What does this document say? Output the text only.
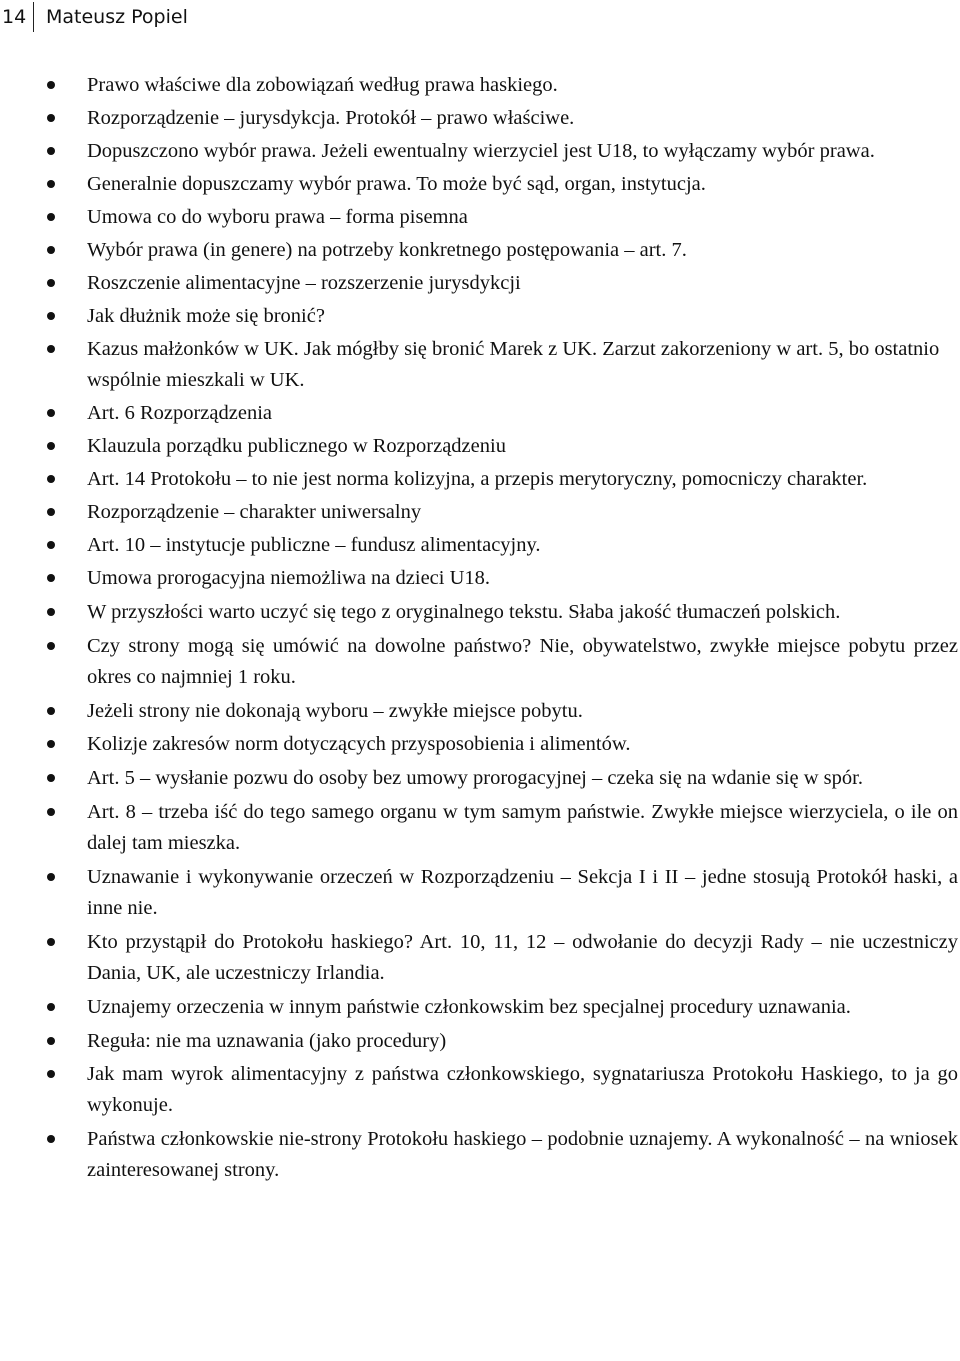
14	Mateusz Popiel
Prawo właściwe dla zobowiązań według prawa haskiego.
Rozporządzenie – jurysdykcja. Protokół – prawo właściwe.
Dopuszczono wybór prawa. Jeżeli ewentualny wierzyciel jest U18, to wyłączamy wybór prawa.
Generalnie dopuszczamy wybór prawa. To może być sąd, organ, instytucja.
Umowa co do wyboru prawa – forma pisemna
Wybór prawa (in genere) na potrzeby konkretnego postępowania – art. 7.
Roszczenie alimentacyjne – rozszerzenie jurysdykcji
Jak dłużnik może się bronić?
Kazus małżonków w UK. Jak mógłby się bronić Marek z UK. Zarzut zakorzeniony w art. 5, bo ostatnio wspólnie mieszkali w UK.
Art. 6 Rozporządzenia
Klauzula porządku publicznego w Rozporządzeniu
Art. 14 Protokołu – to nie jest norma kolizyjna, a przepis merytoryczny, pomocniczy charakter.
Rozporządzenie – charakter uniwersalny
Art. 10 – instytucje publiczne – fundusz alimentacyjny.
Umowa prorogacyjna niemożliwa na dzieci U18.
W przyszłości warto uczyć się tego z oryginalnego tekstu. Słaba jakość tłumaczeń polskich.
Czy strony mogą się umówić na dowolne państwo? Nie, obywatelstwo, zwykłe miejsce pobytu przez okres co najmniej 1 roku.
Jeżeli strony nie dokonają wyboru – zwykłe miejsce pobytu.
Kolizje zakresów norm dotyczących przysposobienia i alimentów.
Art. 5 – wysłanie pozwu do osoby bez umowy prorogacyjnej – czeka się na wdanie się w spór.
Art. 8 – trzeba iść do tego samego organu w tym samym państwie. Zwykłe miejsce wierzyciela, o ile on dalej tam mieszka.
Uznawanie i wykonywanie orzeczeń w Rozporządzeniu – Sekcja I i II – jedne stosują Protokół haski, a inne nie.
Kto przystąpił do Protokołu haskiego? Art. 10, 11, 12 – odwołanie do decyzji Rady – nie uczestniczy Dania, UK, ale uczestniczy Irlandia.
Uznajemy orzeczenia w innym państwie członkowskim bez specjalnej procedury uznawania.
Reguła: nie ma uznawania (jako procedury)
Jak mam wyrok alimentacyjny z państwa członkowskiego, sygnatariusza Protokołu Haskiego, to ja go wykonuje.
Państwa członkowskie nie-strony Protokołu haskiego – podobnie uznajemy. A wykonalność – na wniosek zainteresowanej strony.
